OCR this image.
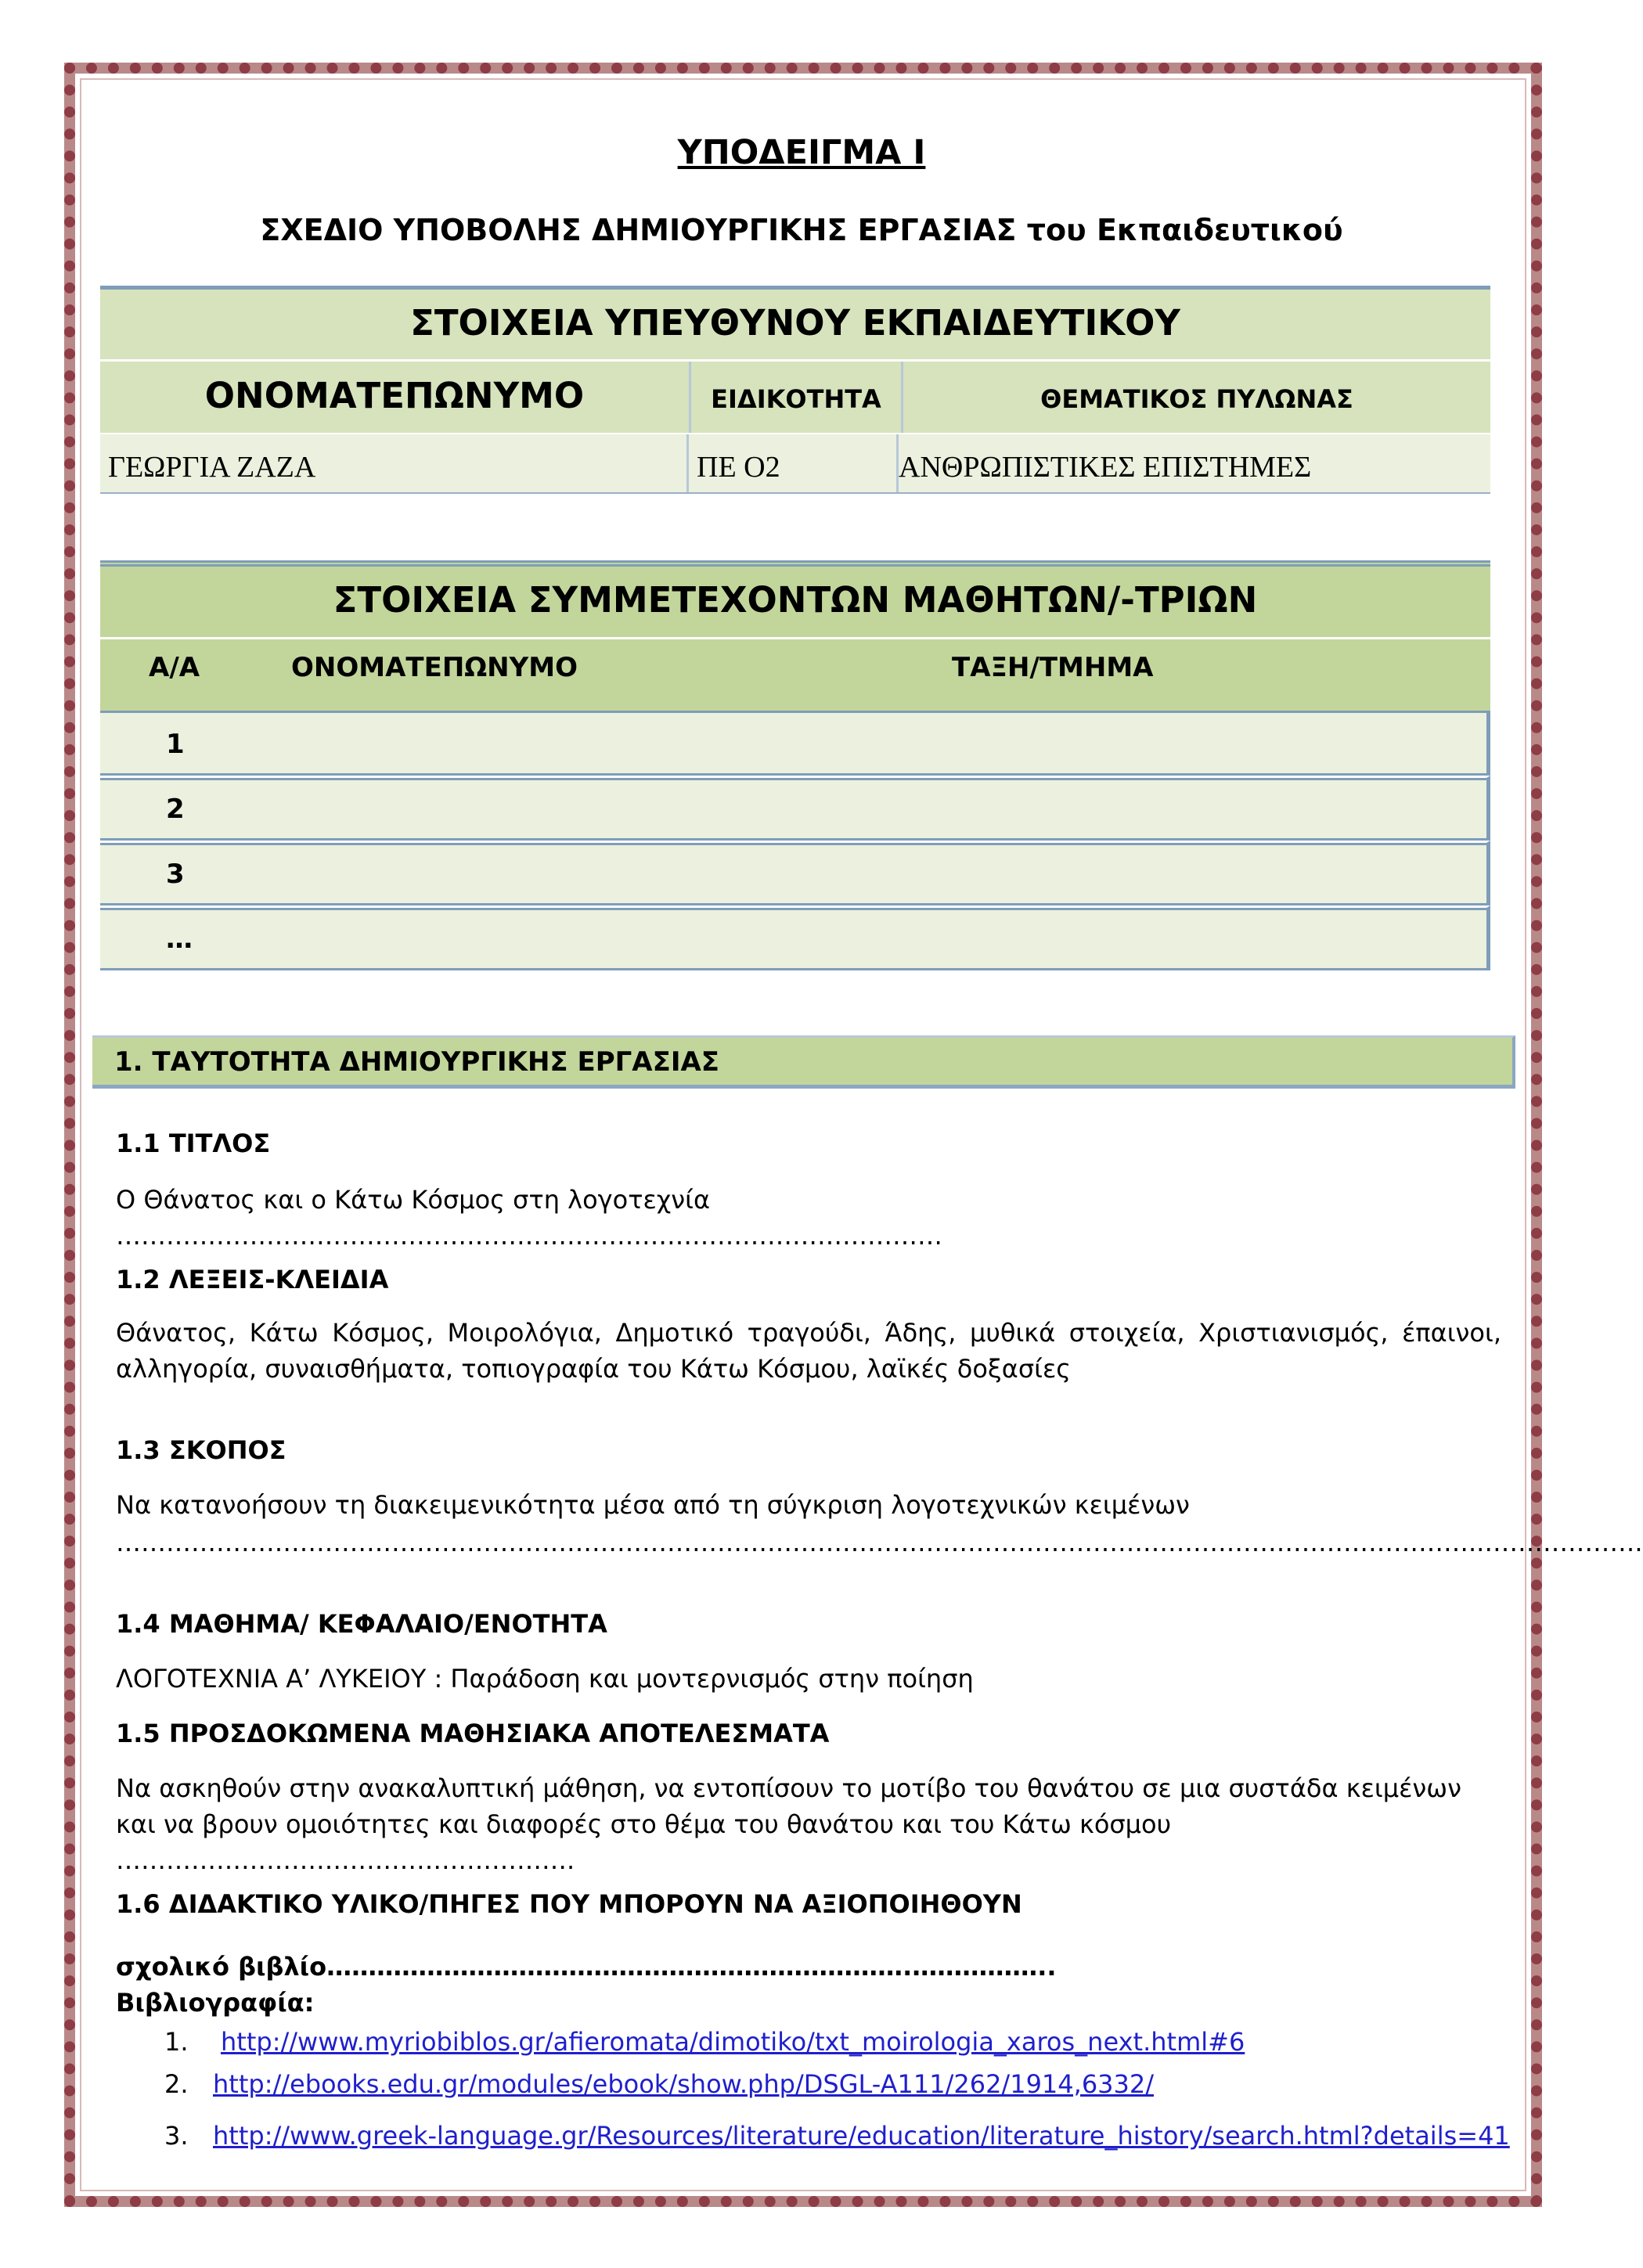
ΥΠΟΔΕΙΓΜΑ Ι
ΣΧΕΔΙΟ ΥΠΟΒΟΛΗΣ ΔΗΜΙΟΥΡΓΙΚΗΣ ΕΡΓΑΣΙΑΣ του Εκπαιδευτικού
ΣΤΟΙΧΕΙΑ ΥΠΕΥΘΥΝΟΥ ΕΚΠΑΙΔΕΥΤΙΚΟΥ
ΟΝΟΜΑΤΕΠΩΝΥΜΟ	ΕΙΔΙΚΟΤΗΤΑ	ΘΕΜΑΤΙΚΟΣ ΠΥΛΩΝΑΣ
ΓΕΩΡΓΙΑ ΖΑΖΑ	ΠΕ Ο2	ΑΝΘΡΩΠΙΣΤΙΚΕΣ ΕΠΙΣΤΗΜΕΣ
ΣΤΟΙΧΕΙΑ ΣΥΜΜΕΤΕΧΟΝΤΩΝ ΜΑΘΗΤΩΝ/-ΤΡΙΩΝ
Α/Α	ΟΝΟΜΑΤΕΠΩΝΥΜΟ	ΤΑΞΗ/ΤΜΗΜΑ
1
2
3
…
1. ΤΑΥΤΟΤΗΤΑ ΔΗΜΙΟΥΡΓΙΚΗΣ ΕΡΓΑΣΙΑΣ
1.1 ΤΙΤΛΟΣ
Ο Θάνατος και ο Κάτω Κόσμος στη λογοτεχνία ………………………………………………………………………………………
1.2 ΛΕΞΕΙΣ-ΚΛΕΙΔΙΑ
Θάνατος, Κάτω Κόσμος, Μοιρολόγια, Δημοτικό τραγούδι, Άδης, μυθικά στοιχεία, Χριστιανισμός, έπαινοι, αλληγορία, συναισθήματα, τοπιογραφία του Κάτω Κόσμου, λαϊκές δοξασίες
1.3 ΣΚΟΠΟΣ
Να κατανοήσουν τη διακειμενικότητα μέσα από τη σύγκριση λογοτεχνικών κειμένων
………………………………………………………………………………………………………………………………………………..……………….
1.4 ΜΑΘΗΜΑ/ ΚΕΦΑΛΑΙΟ/ΕΝΟΤΗΤΑ
ΛΟΓΟΤΕΧΝΙΑ Α’ ΛΥΚΕΙΟΥ : Παράδοση και μοντερνισμός στην ποίηση
1.5 ΠΡΟΣΔΟΚΩΜΕΝΑ ΜΑΘΗΣΙΑΚΑ ΑΠΟΤΕΛΕΣΜΑΤΑ
Να ασκηθούν στην ανακαλυπτική μάθηση, να εντοπίσουν το μοτίβο του θανάτου σε μια συστάδα κειμένων και να βρουν ομοιότητες και διαφορές στο θέμα του θανάτου και του Κάτω κόσμου ……………………………………………….
1.6 ΔΙΔΑΚΤΙΚΟ ΥΛΙΚΟ/ΠΗΓΕΣ ΠΟΥ ΜΠΟΡΟΥΝ ΝΑ ΑΞΙΟΠΟΙΗΘΟΥΝ
σχολικό βιβλίο…………………………………………………………….……………..
Βιβλιογραφία:
1. http://www.myriobiblos.gr/afieromata/dimotiko/txt_moirologia_xaros_next.html#6
2. http://ebooks.edu.gr/modules/ebook/show.php/DSGL-A111/262/1914,6332/
3. http://www.greek-language.gr/Resources/literature/education/literature_history/search.html?details=41
